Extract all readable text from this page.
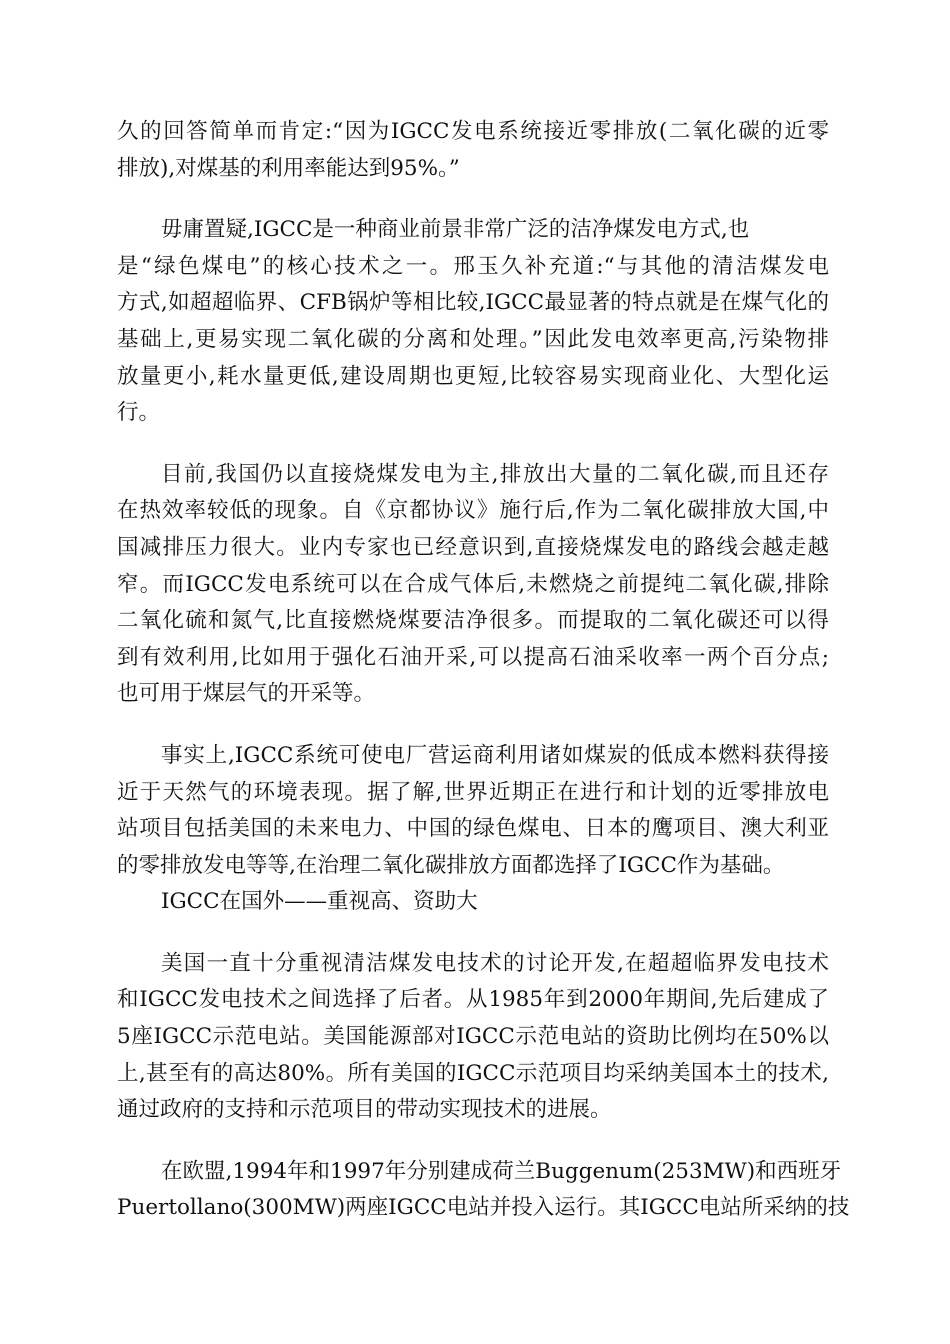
久的回答简单而肯定:“因为IGCC发电系统接近零排放(二氧化碳的近零
排放),对煤基的利用率能达到95%。”

毋庸置疑,IGCC是一种商业前景非常广泛的洁净煤发电方式,也
是“绿色煤电”的核心技术之一。邢玉久补充道:“与其他的清洁煤发电
方式,如超超临界、CFB锅炉等相比较,IGCC最显著的特点就是在煤气化的
基础上,更易实现二氧化碳的分离和处理。”因此发电效率更高,污染物排
放量更小,耗水量更低,建设周期也更短,比较容易实现商业化、大型化运
行。

目前,我国仍以直接烧煤发电为主,排放出大量的二氧化碳,而且还存
在热效率较低的现象。自《京都协议》施行后,作为二氧化碳排放大国,中
国减排压力很大。业内专家也已经意识到,直接烧煤发电的路线会越走越
窄。而IGCC发电系统可以在合成气体后,未燃烧之前提纯二氧化碳,排除
二氧化硫和氮气,比直接燃烧煤要洁净很多。而提取的二氧化碳还可以得
到有效利用,比如用于强化石油开采,可以提高石油采收率一两个百分点;
也可用于煤层气的开采等。

事实上,IGCC系统可使电厂营运商利用诸如煤炭的低成本燃料获得接
近于天然气的环境表现。据了解,世界近期正在进行和计划的近零排放电
站项目包括美国的未来电力、中国的绿色煤电、日本的鹰项目、澳大利亚
的零排放发电等等,在治理二氧化碳排放方面都选择了IGCC作为基础。

IGCC在国外——重视高、资助大

美国一直十分重视清洁煤发电技术的讨论开发,在超超临界发电技术
和IGCC发电技术之间选择了后者。从1985年到2000年期间,先后建成了
5座IGCC示范电站。美国能源部对IGCC示范电站的资助比例均在50%以
上,甚至有的高达80%。所有美国的IGCC示范项目均采纳美国本土的技术,
通过政府的支持和示范项目的带动实现技术的进展。

在欧盟,1994年和1997年分别建成荷兰Buggenum(253MW)和西班牙
Puertollano(300MW)两座IGCC电站并投入运行。其IGCC电站所采纳的技
